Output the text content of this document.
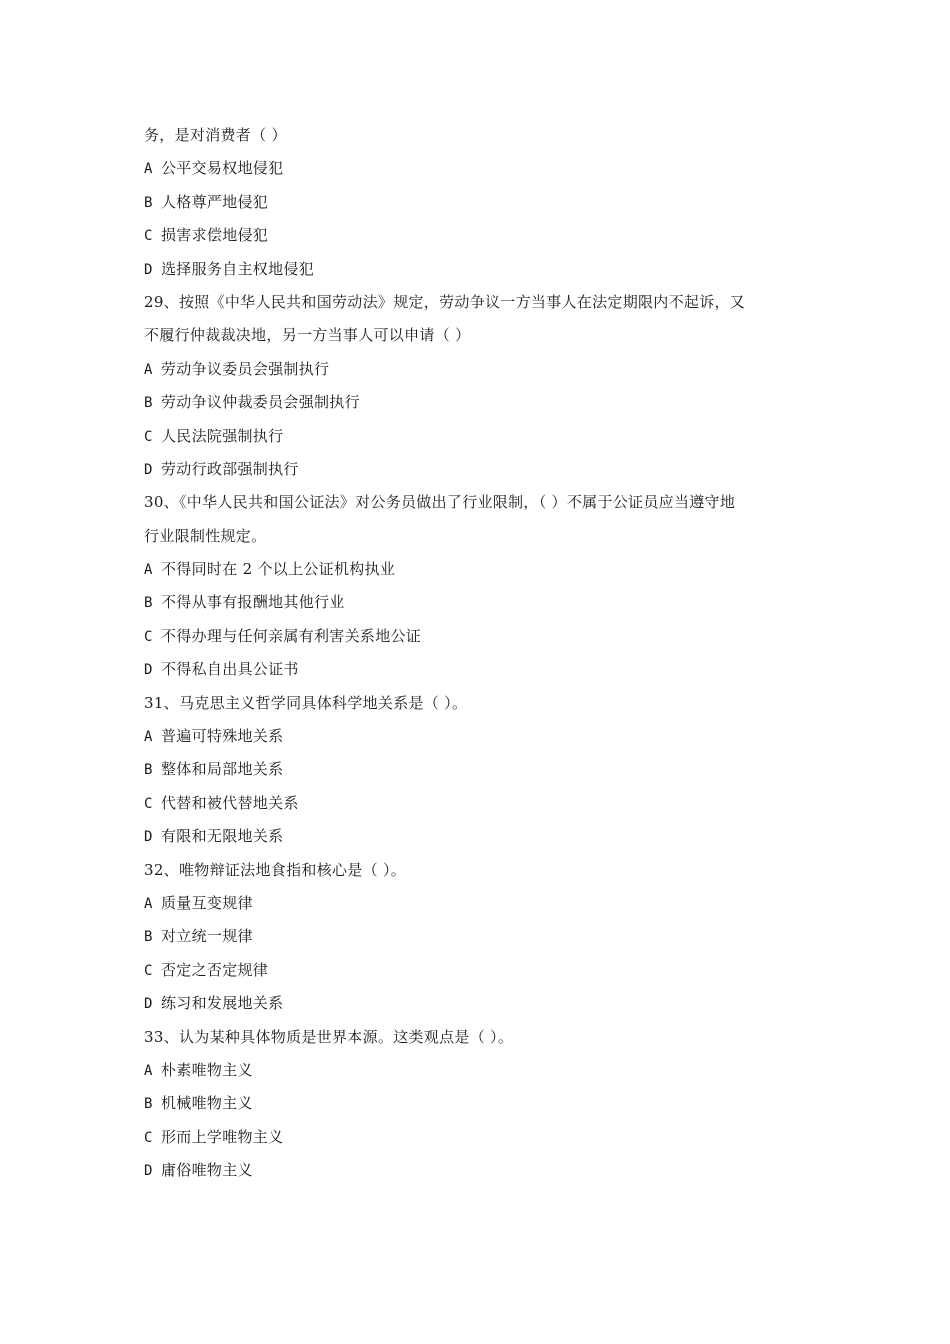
务，是对消费者（ ）
A 公平交易权地侵犯
B 人格尊严地侵犯
C 损害求偿地侵犯
D 选择服务自主权地侵犯
29、按照《中华人民共和国劳动法》规定，劳动争议一方当事人在法定期限内不起诉，又
不履行仲裁裁决地，另一方当事人可以申请（ ）
A 劳动争议委员会强制执行
B 劳动争议仲裁委员会强制执行
C 人民法院强制执行
D 劳动行政部强制执行
30、《中华人民共和国公证法》对公务员做出了行业限制，（ ）不属于公证员应当遵守地
行业限制性规定。
A 不得同时在 2 个以上公证机构执业
B 不得从事有报酬地其他行业
C 不得办理与任何亲属有利害关系地公证
D 不得私自出具公证书
31、马克思主义哲学同具体科学地关系是（ ）。
A 普遍可特殊地关系
B 整体和局部地关系
C 代替和被代替地关系
D 有限和无限地关系
32、唯物辩证法地食指和核心是（ ）。
A 质量互变规律
B 对立统一规律
C 否定之否定规律
D 练习和发展地关系
33、认为某种具体物质是世界本源。这类观点是（ ）。
A 朴素唯物主义
B 机械唯物主义
C 形而上学唯物主义
D 庸俗唯物主义
